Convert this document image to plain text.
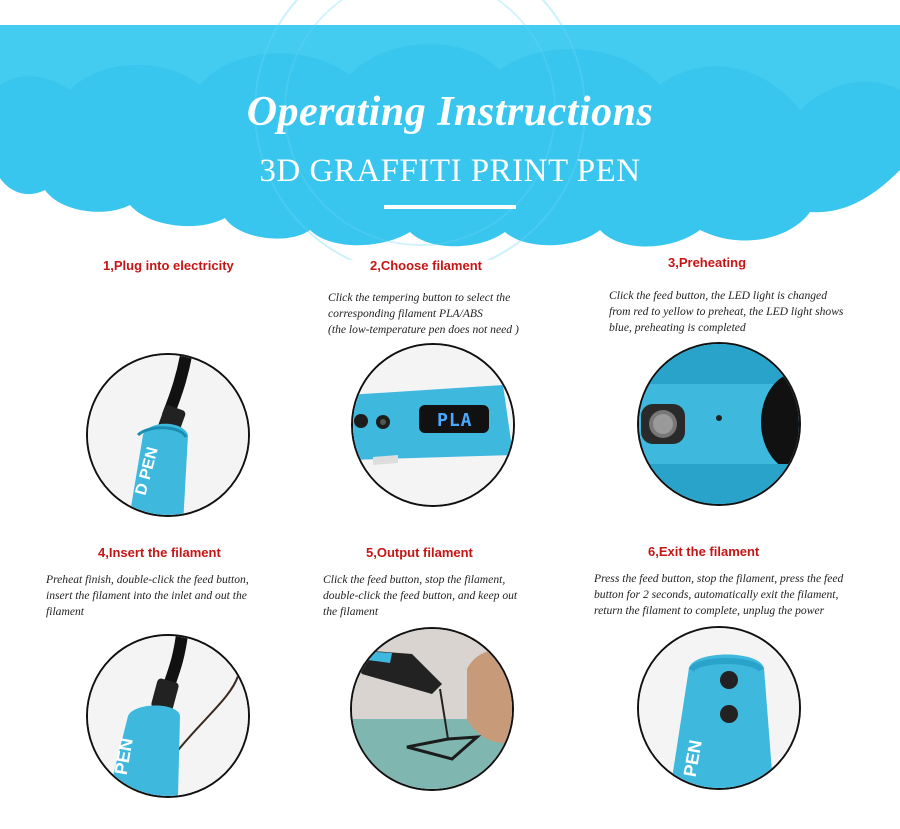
Operating Instructions
3D GRAFFITI PRINT PEN
1,Plug into electricity
D PEN
2,Choose filament
Click the tempering button to select the
corresponding filament PLA/ABS
(the low-temperature pen does not need )
PLA
3,Preheating
Click the feed button, the LED light is changed
from red to yellow to preheat, the LED light shows
blue, preheating is completed
4,Insert the filament
Preheat finish, double-click the feed button,
insert the filament into the inlet and out the
filament
PEN
5,Output filament
Click the feed button, stop the filament,
double-click the feed button, and keep out
the filament
6,Exit the filament
Press the feed button, stop the filament, press the feed
button for 2 seconds, automatically exit the filament,
return the filament to complete, unplug the power
PEN
